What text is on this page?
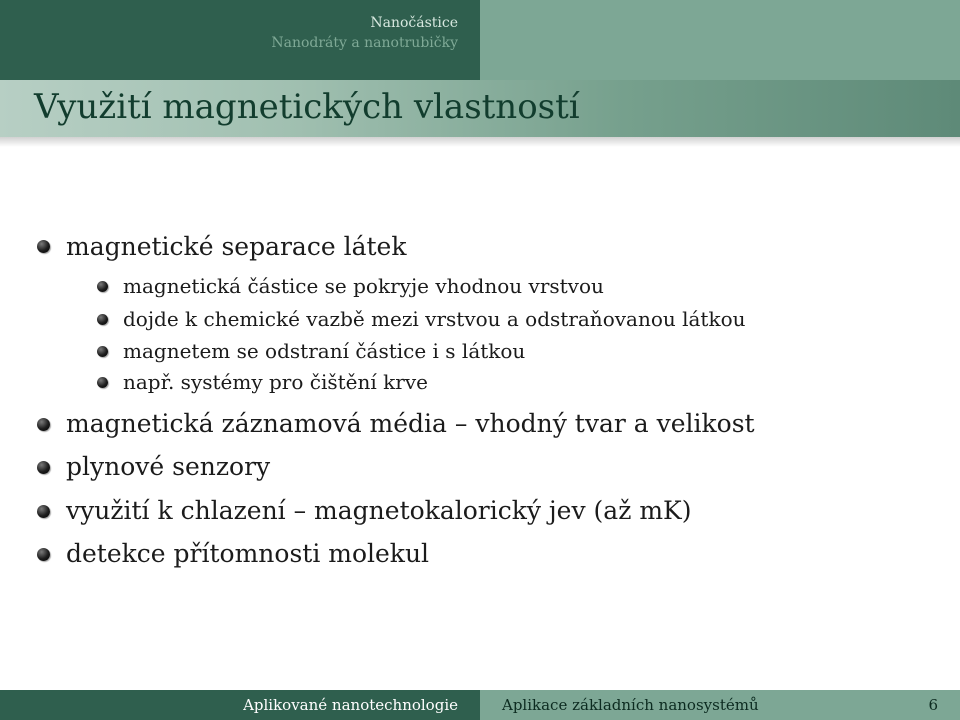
Nanočástice
Nanodráty a nanotrubičky
Využití magnetických vlastností
magnetické separace látek
magnetická částice se pokryje vhodnou vrstvou
dojde k chemické vazbě mezi vrstvou a odstraňovanou látkou
magnetem se odstraní částice i s látkou
např. systémy pro čištění krve
magnetická záznamová média – vhodný tvar a velikost
plynové senzory
využití k chlazení – magnetokalorický jev (až mK)
detekce přítomnosti molekul
Aplikované nanotechnologie	Aplikace základních nanosystémů	6
